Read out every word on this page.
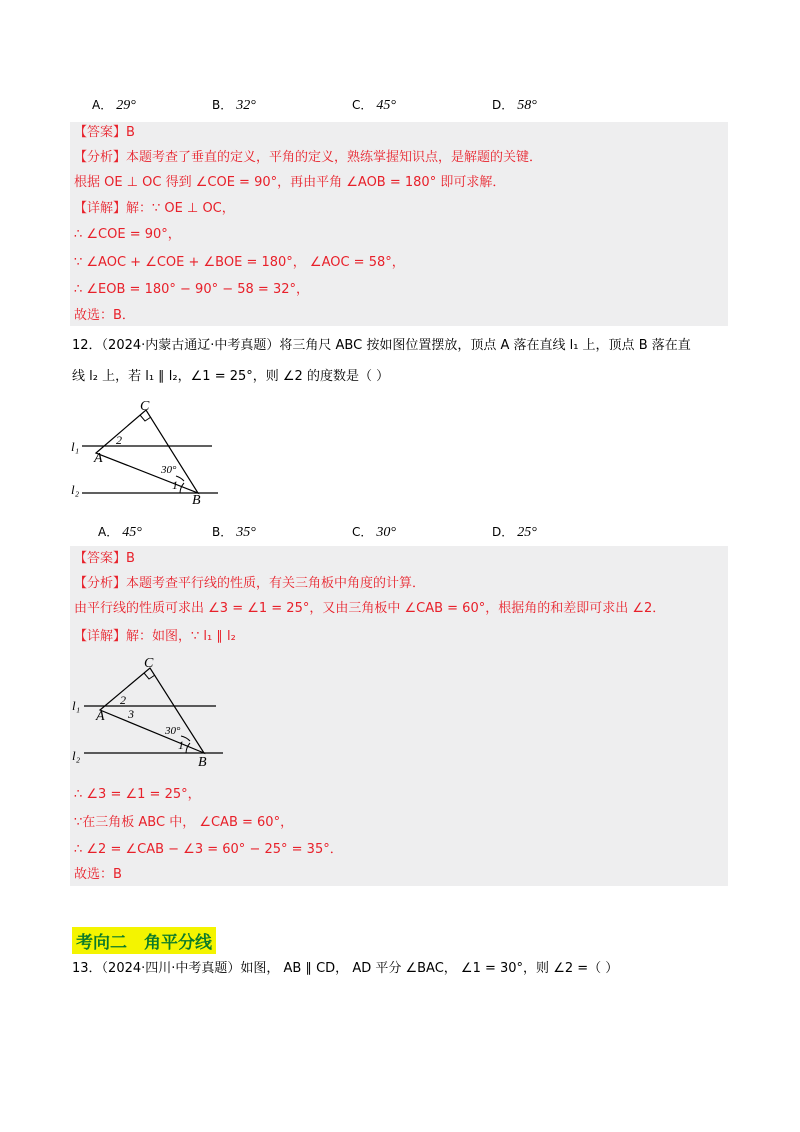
A． 29°	B． 32°	C． 45°	D． 58°
【答案】B
【分析】本题考查了垂直的定义，平角的定义，熟练掌握知识点，是解题的关键．
根据 OE ⊥ OC 得到 ∠COE = 90°，再由平角 ∠AOB = 180° 即可求解．
【详解】解：∵ OE ⊥ OC，
∴ ∠COE = 90°，
∵ ∠AOC + ∠COE + ∠BOE = 180°， ∠AOC = 58°，
∴ ∠EOB = 180° − 90° − 58 = 32°，
故选：B．
12．（2024·内蒙古通辽·中考真题）将三角尺 ABC 按如图位置摆放，顶点 A 落在直线 l₁ 上，顶点 B 落在直
线 l₂ 上，若 l₁ ∥ l₂，∠1 = 25°，则 ∠2 的度数是（ ）
C
A
B
l₁
l₂
2
1
30°
A． 45°	B． 35°	C． 30°	D． 25°
【答案】B
【分析】本题考查平行线的性质，有关三角板中角度的计算．
由平行线的性质可求出 ∠3 = ∠1 = 25°，又由三角板中 ∠CAB = 60°，根据角的和差即可求出 ∠2．
【详解】解：如图，∵ l₁ ∥ l₂
C
A
B
l₁
l₂
2
3
1
30°
∴ ∠3 = ∠1 = 25°，
∵在三角板 ABC 中， ∠CAB = 60°，
∴ ∠2 = ∠CAB − ∠3 = 60° − 25° = 35°．
故选：B
考向二　角平分线
13．（2024·四川·中考真题）如图， AB ∥ CD， AD 平分 ∠BAC， ∠1 = 30°，则 ∠2 =（ ）
